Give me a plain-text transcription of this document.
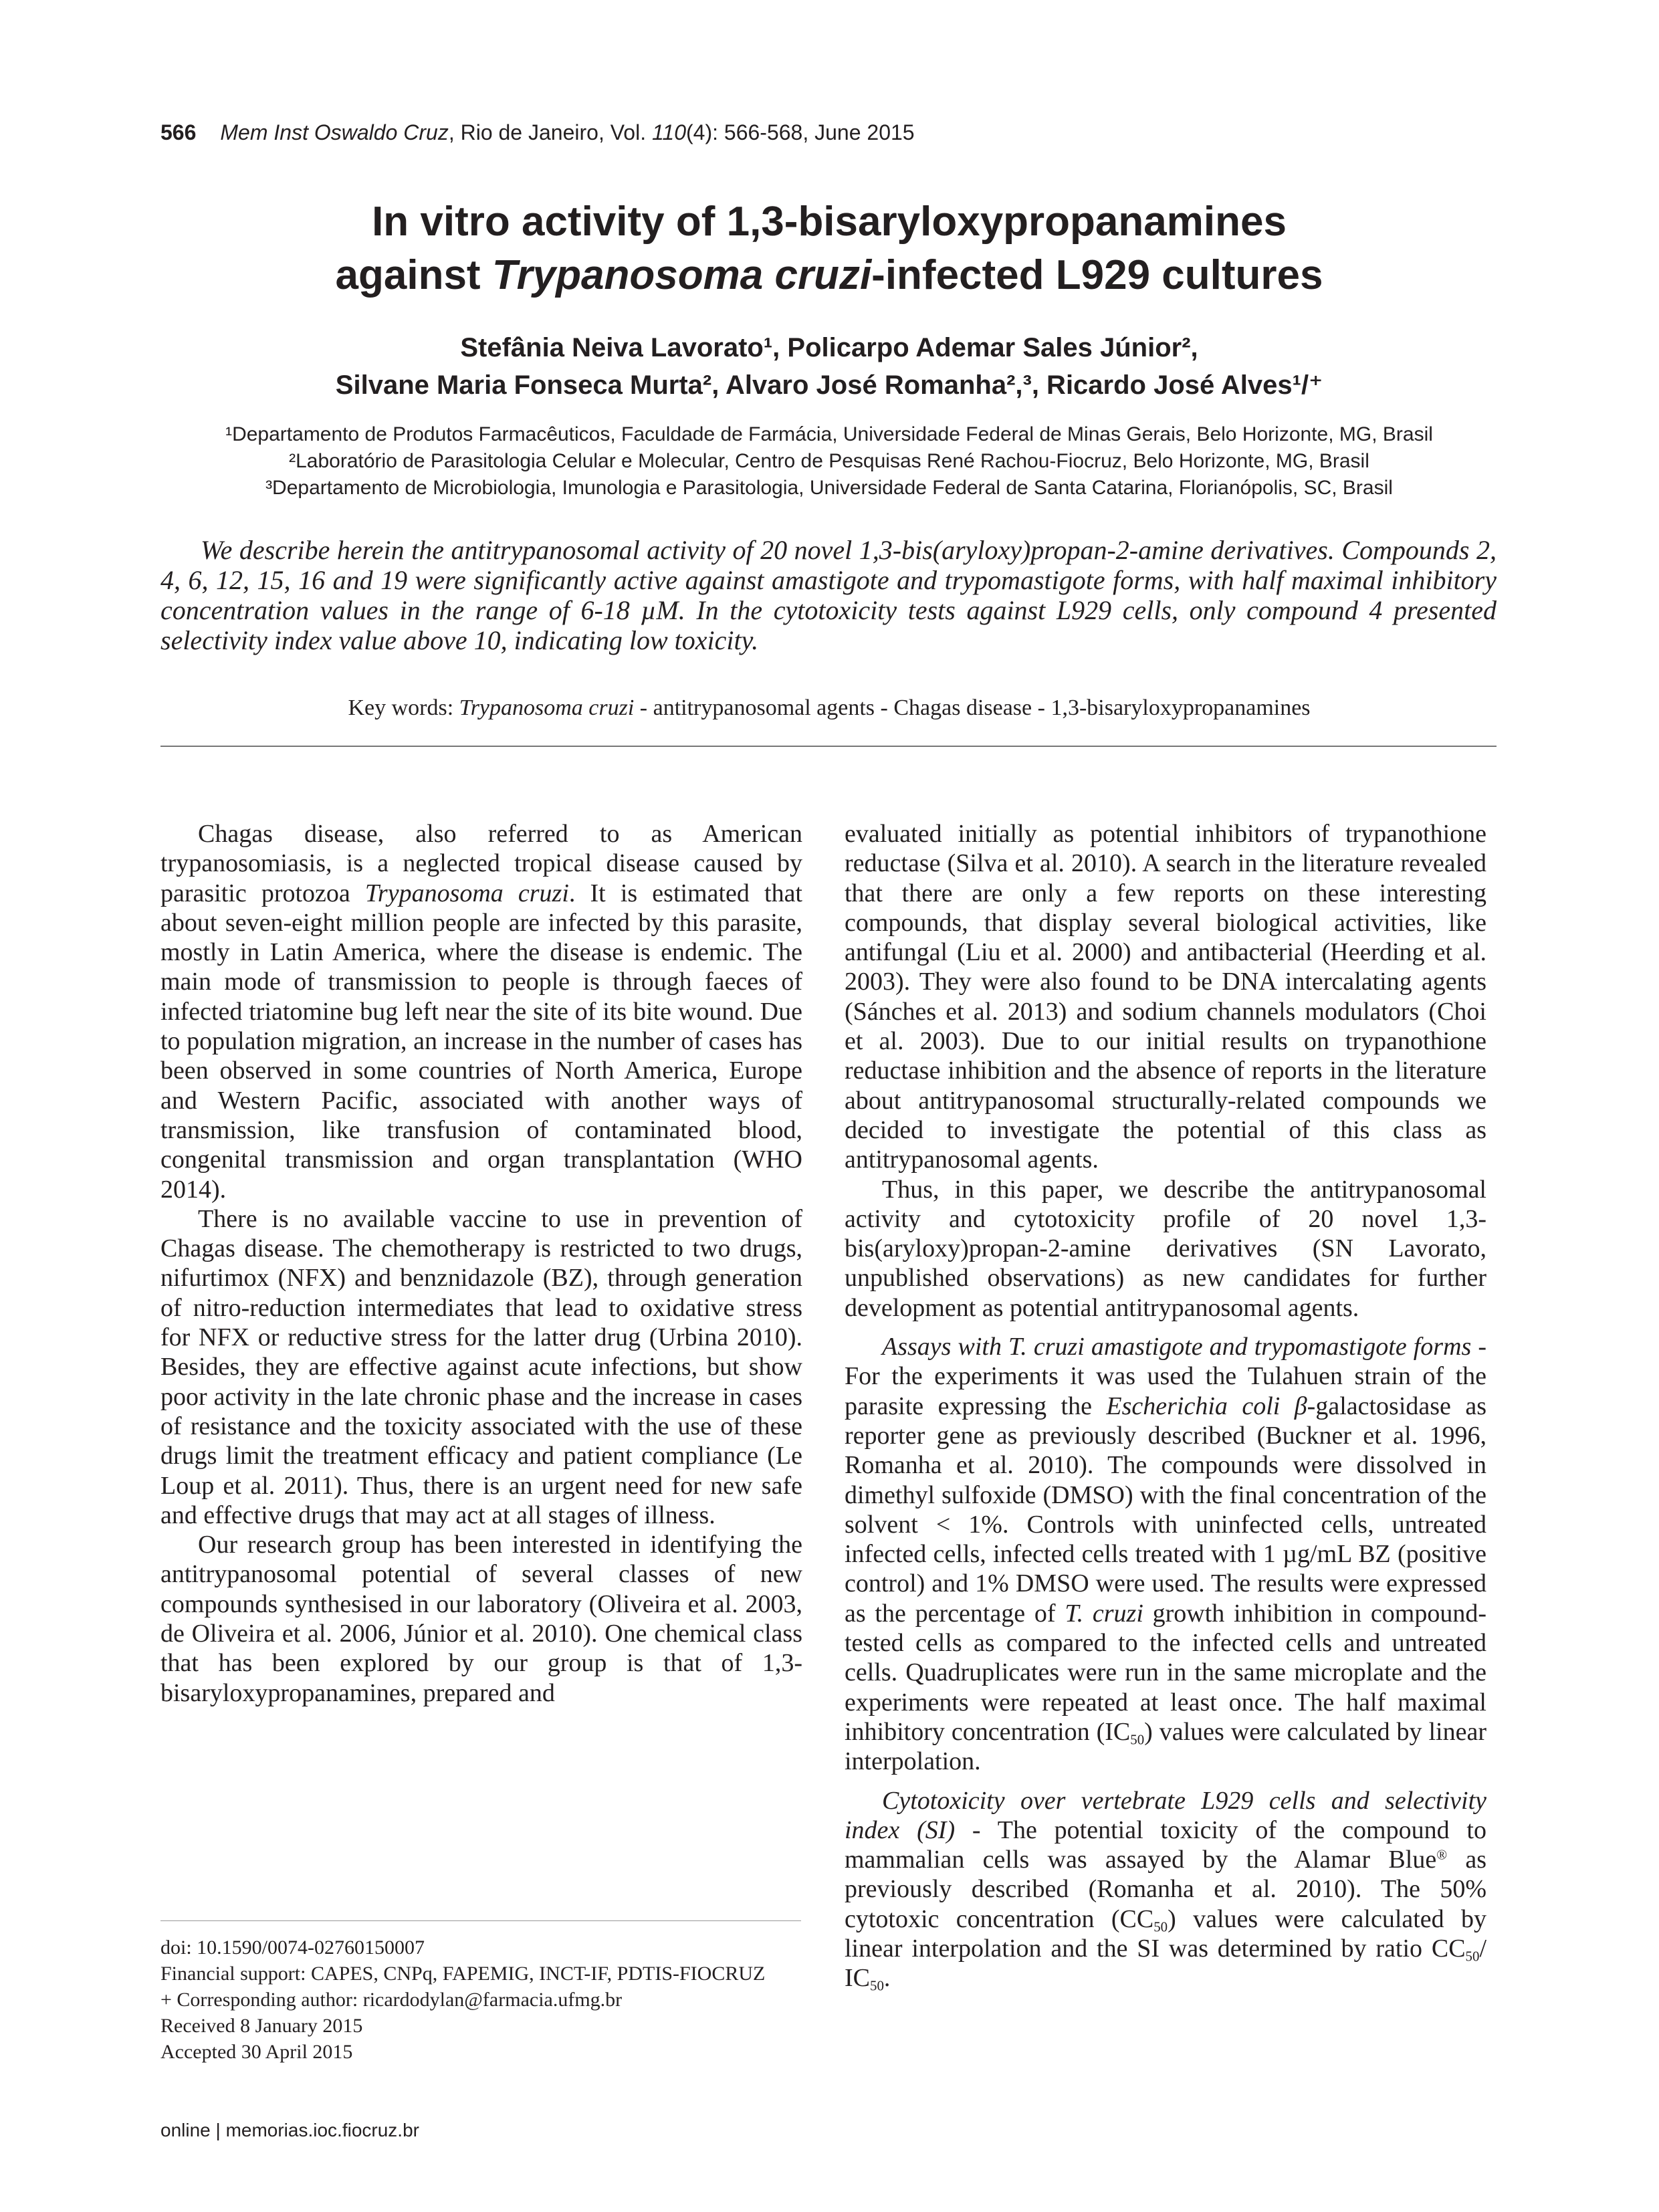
566 Mem Inst Oswaldo Cruz, Rio de Janeiro, Vol. 110(4): 566-568, June 2015
In vitro activity of 1,3-bisaryloxypropanamines
against Trypanosoma cruzi-infected L929 cultures
Stefânia Neiva Lavorato¹, Policarpo Ademar Sales Júnior²,
Silvane Maria Fonseca Murta², Alvaro José Romanha²,³, Ricardo José Alves¹/⁺
¹Departamento de Produtos Farmacêuticos, Faculdade de Farmácia, Universidade Federal de Minas Gerais, Belo Horizonte, MG, Brasil
²Laboratório de Parasitologia Celular e Molecular, Centro de Pesquisas René Rachou-Fiocruz, Belo Horizonte, MG, Brasil
³Departamento de Microbiologia, Imunologia e Parasitologia, Universidade Federal de Santa Catarina, Florianópolis, SC, Brasil
We describe herein the antitrypanosomal activity of 20 novel 1,3-bis(aryloxy)propan-2-amine derivatives. Compounds 2, 4, 6, 12, 15, 16 and 19 were significantly active against amastigote and trypomastigote forms, with half maximal inhibitory concentration values in the range of 6-18 µM. In the cytotoxicity tests against L929 cells, only compound 4 presented selectivity index value above 10, indicating low toxicity.
Key words: Trypanosoma cruzi - antitrypanosomal agents - Chagas disease - 1,3-bisaryloxypropanamines

Chagas disease, also referred to as American trypanosomiasis, is a neglected tropical disease caused by parasitic protozoa Trypanosoma cruzi. It is estimated that about seven-eight million people are infected by this parasite, mostly in Latin America, where the disease is endemic. The main mode of transmission to people is through faeces of infected triatomine bug left near the site of its bite wound. Due to population migration, an increase in the number of cases has been observed in some countries of North America, Europe and Western Pacific, associated with another ways of transmission, like transfusion of contaminated blood, congenital transmission and organ transplantation (WHO 2014).

There is no available vaccine to use in prevention of Chagas disease. The chemotherapy is restricted to two drugs, nifurtimox (NFX) and benznidazole (BZ), through generation of nitro-reduction intermediates that lead to oxidative stress for NFX or reductive stress for the latter drug (Urbina 2010). Besides, they are effective against acute infections, but show poor activity in the late chronic phase and the increase in cases of resistance and the toxicity associated with the use of these drugs limit the treatment efficacy and patient compliance (Le Loup et al. 2011). Thus, there is an urgent need for new safe and effective drugs that may act at all stages of illness.

Our research group has been interested in identifying the antitrypanosomal potential of several classes of new compounds synthesised in our laboratory (Oliveira et al. 2003, de Oliveira et al. 2006, Júnior et al. 2010). One chemical class that has been explored by our group is that of 1,3-bisaryloxypropanamines, prepared and

evaluated initially as potential inhibitors of trypanothione reductase (Silva et al. 2010). A search in the literature revealed that there are only a few reports on these interesting compounds, that display several biological activities, like antifungal (Liu et al. 2000) and antibacterial (Heerding et al. 2003). They were also found to be DNA intercalating agents (Sánches et al. 2013) and sodium channels modulators (Choi et al. 2003). Due to our initial results on trypanothione reductase inhibition and the absence of reports in the literature about antitrypanosomal structurally-related compounds we decided to investigate the potential of this class as antitrypanosomal agents.

Thus, in this paper, we describe the antitrypanosomal activity and cytotoxicity profile of 20 novel 1,3-bis(aryloxy)propan-2-amine derivatives (SN Lavorato, unpublished observations) as new candidates for further development as potential antitrypanosomal agents.

Assays with T. cruzi amastigote and trypomastigote forms - For the experiments it was used the Tulahuen strain of the parasite expressing the Escherichia coli β-galactosidase as reporter gene as previously described (Buckner et al. 1996, Romanha et al. 2010). The compounds were dissolved in dimethyl sulfoxide (DMSO) with the final concentration of the solvent < 1%. Controls with uninfected cells, untreated infected cells, infected cells treated with 1 µg/mL BZ (positive control) and 1% DMSO were used. The results were expressed as the percentage of T. cruzi growth inhibition in compound-tested cells as compared to the infected cells and untreated cells. Quadruplicates were run in the same microplate and the experiments were repeated at least once. The half maximal inhibitory concentration $(IC_{50})$ values were calculated by linear interpolation.

Cytotoxicity over vertebrate L929 cells and selectivity index (SI) - The potential toxicity of the compound to mammalian cells was assayed by the Alamar Blue® as previously described (Romanha et al. 2010). The 50% cytotoxic concentration $(CC_{50})$ values were calculated by linear interpolation and the SI was determined by ratio $CC_{50}/$ $IC_{50}$.

doi: 10.1590/0074-02760150007
Financial support: CAPES, CNPq, FAPEMIG, INCT-IF, PDTIS-FIOCRUZ
+ Corresponding author: ricardodylan@farmacia.ufmg.br
Received 8 January 2015
Accepted 30 April 2015
online | memorias.ioc.fiocruz.br
